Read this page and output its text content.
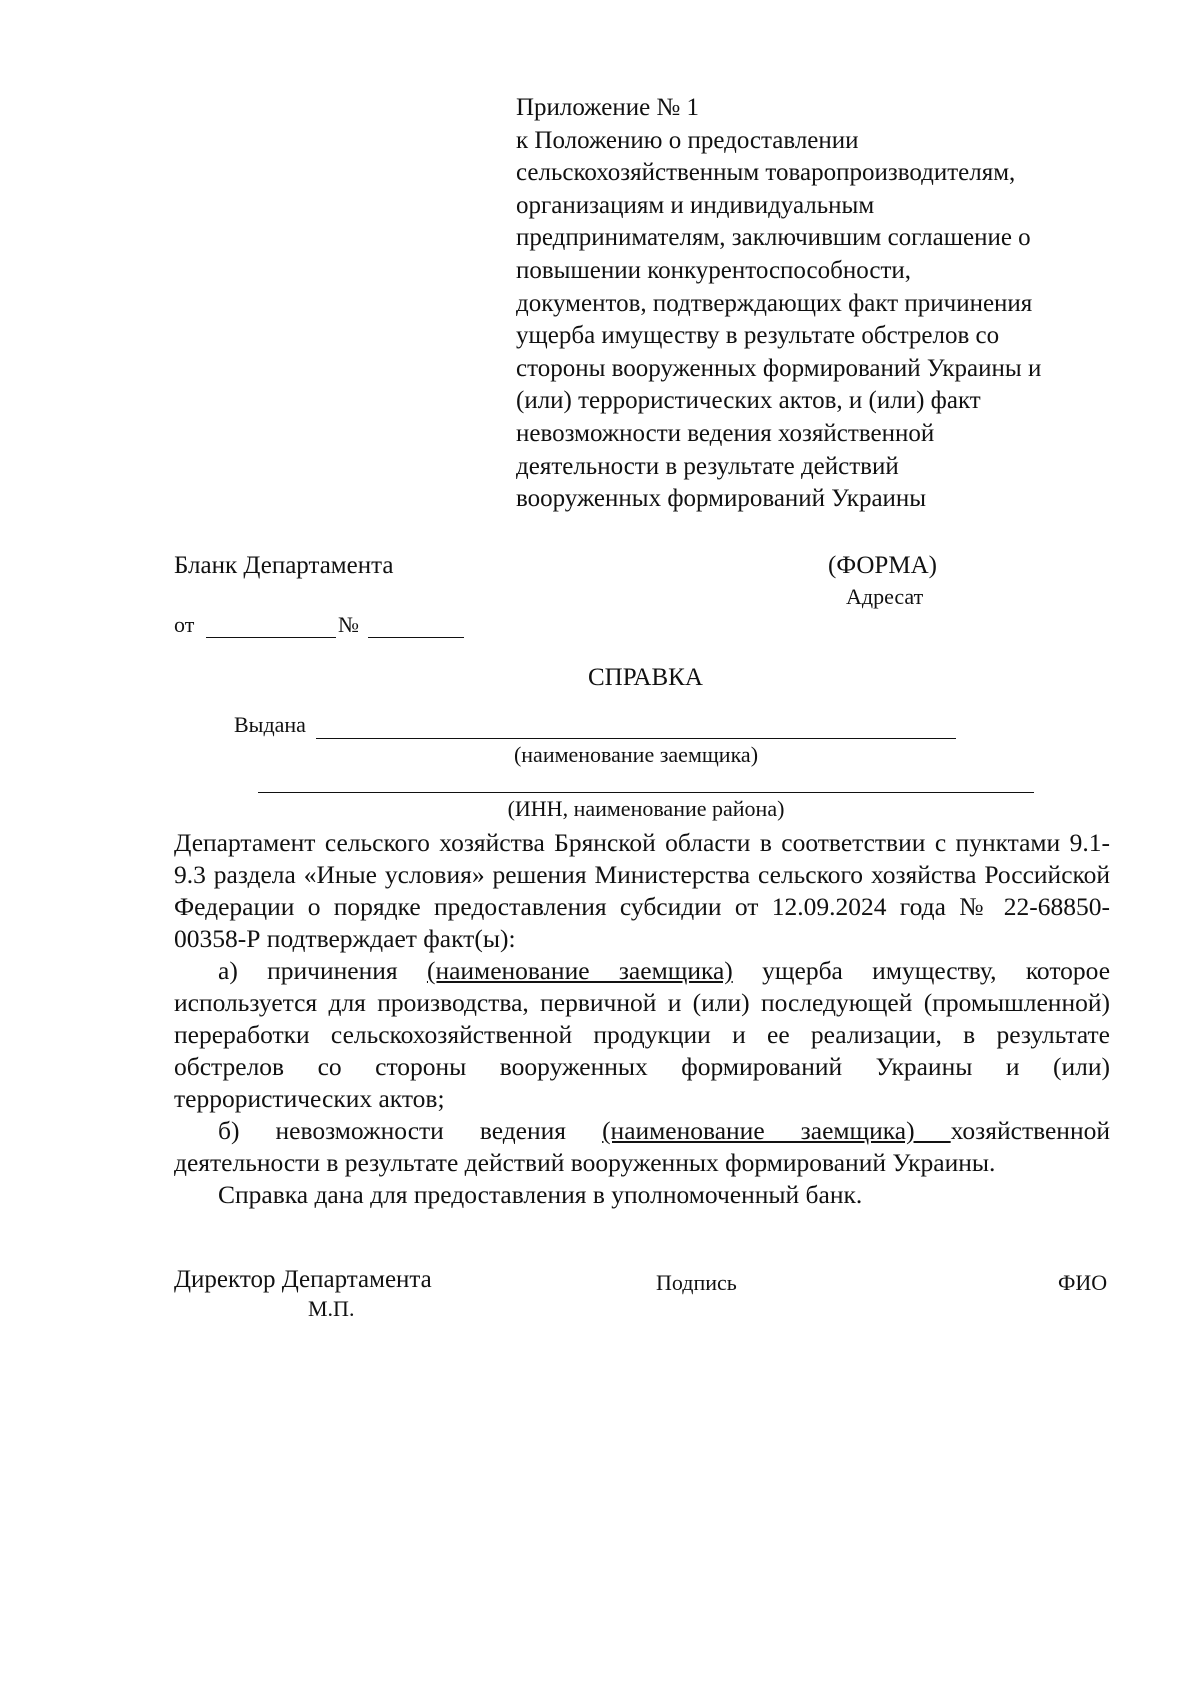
Приложение № 1
к Положению о предоставлении
сельскохозяйственным товаропроизводителям,
организациям и индивидуальным
предпринимателям, заключившим соглашение о
повышении конкурентоспособности,
документов, подтверждающих факт причинения
ущерба имуществу в результате обстрелов со
стороны вооруженных формирований Украины и
(или) террористических актов, и (или) факт
невозможности ведения хозяйственной
деятельности в результате действий
вооруженных формирований Украины
Бланк Департамента	(ФОРМА)
Адресат
от	№
СПРАВКА
Выдана
(наименование заемщика)
(ИНН, наименование района)

Департамент сельского хозяйства Брянской области в соответствии с пунктами 9.1-9.3 раздела «Иные условия» решения Министерства сельского хозяйства Российской Федерации о порядке предоставления субсидии от 12.09.2024 года № 22-68850-00358-Р подтверждает факт(ы):

а) причинения (наименование заемщика) ущерба имуществу, которое используется для производства, первичной и (или) последующей (промышленной) переработки сельскохозяйственной продукции и ее реализации, в результате обстрелов со стороны вооруженных формирований Украины и (или) террористических актов;

б) невозможности ведения (наименование заемщика) хозяйственной деятельности в результате действий вооруженных формирований Украины.

Справка дана для предоставления в уполномоченный банк.

Директор Департамента	Подпись	ФИО
М.П.
